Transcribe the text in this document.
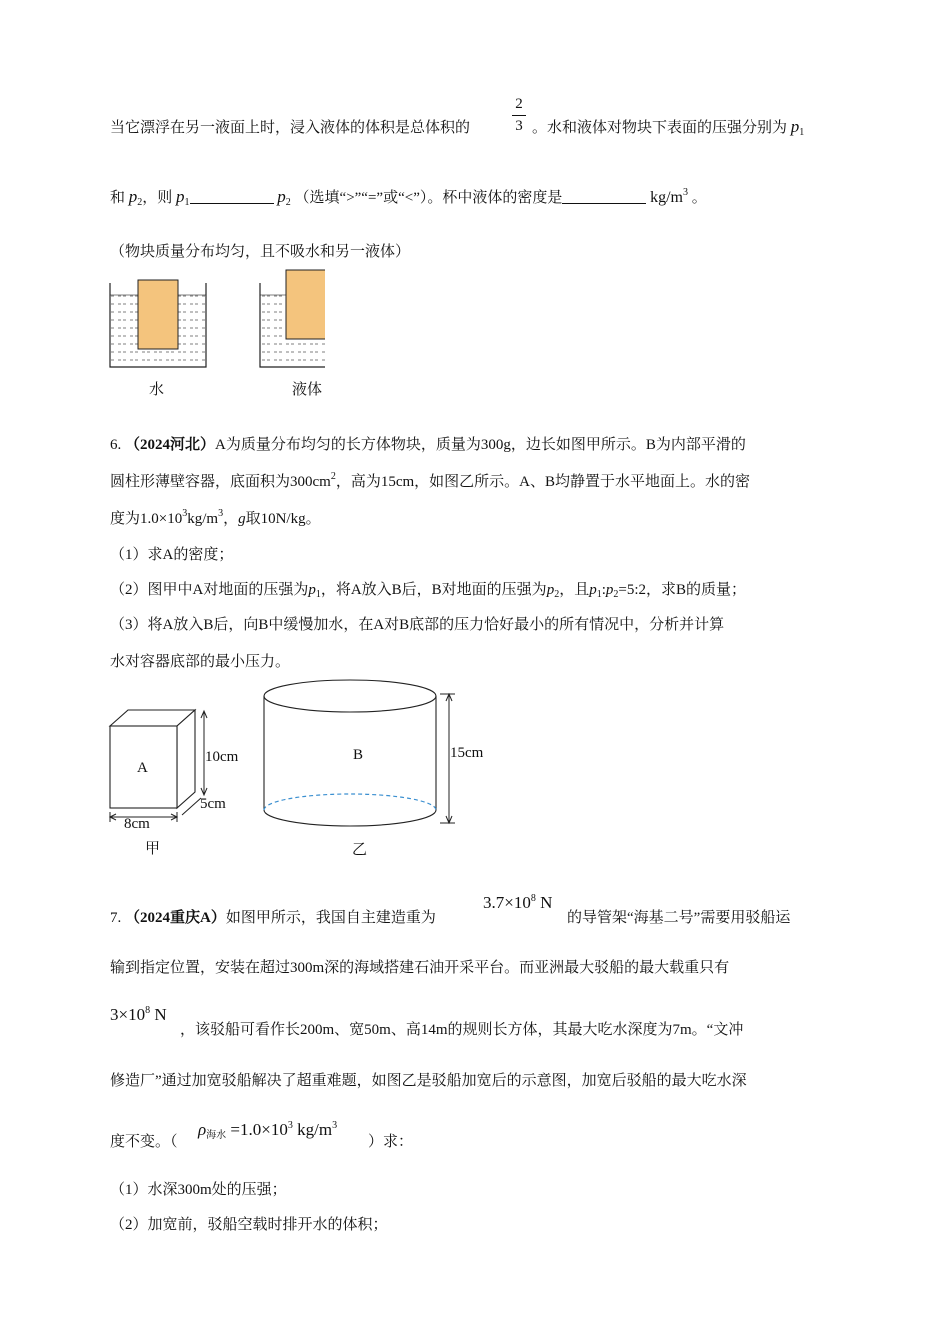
当它漂浮在另一液面上时，浸入液体的体积是总体积的
2
3 。水和液体对物块下表面的压强分别为 $p_1$
和 $p_2$，则 $p_1$	$p_2$ （选填“>”“=”或“<”）。杯中液体的密度是	$kg/m^3$ 。
（物块质量分布均匀，且不吸水和另一液体）
水	液体
6. （2024河北）A为质量分布均匀的长方体物块，质量为300g，边长如图甲所示。B为内部平滑的
圆柱形薄壁容器，底面积为$300cm^2$，高为15cm，如图乙所示。A、B均静置于水平地面上。水的密
度为$1.0\times 10^3kg/m^3$，g取10N/kg。
（1）求A的密度；
（2）图甲中A对地面的压强为$p_1$，将A放入B后，B对地面的压强为$p_2$，且$p_1:p_2=5:2$，求B的质量；
（3）将A放入B后，向B中缓慢加水，在A对B底部的压力恰好最小的所有情况中，分析并计算
水对容器底部的最小压力。
A
10cm
5cm
8cm
甲
B	15cm
乙
7. （2024重庆A）如图甲所示，我国自主建造重为
$3.7\times 10^8$ N
的导管架“海基二号”需要用驳船运
输到指定位置，安装在超过300m深的海域搭建石油开采平台。而亚洲最大驳船的最大载重只有
$3\times 10^8$ N
，该驳船可看作长200m、宽50m、高14m的规则长方体，其最大吃水深度为7m。“文冲
修造厂”通过加宽驳船解决了超重难题，如图乙是驳船加宽后的示意图，加宽后驳船的最大吃水深
度不变。（
$\rho_{海水} =1.0\times 10^3$ $kg/m^3$
）求：
（1）水深300m处的压强；
（2）加宽前，驳船空载时排开水的体积；
